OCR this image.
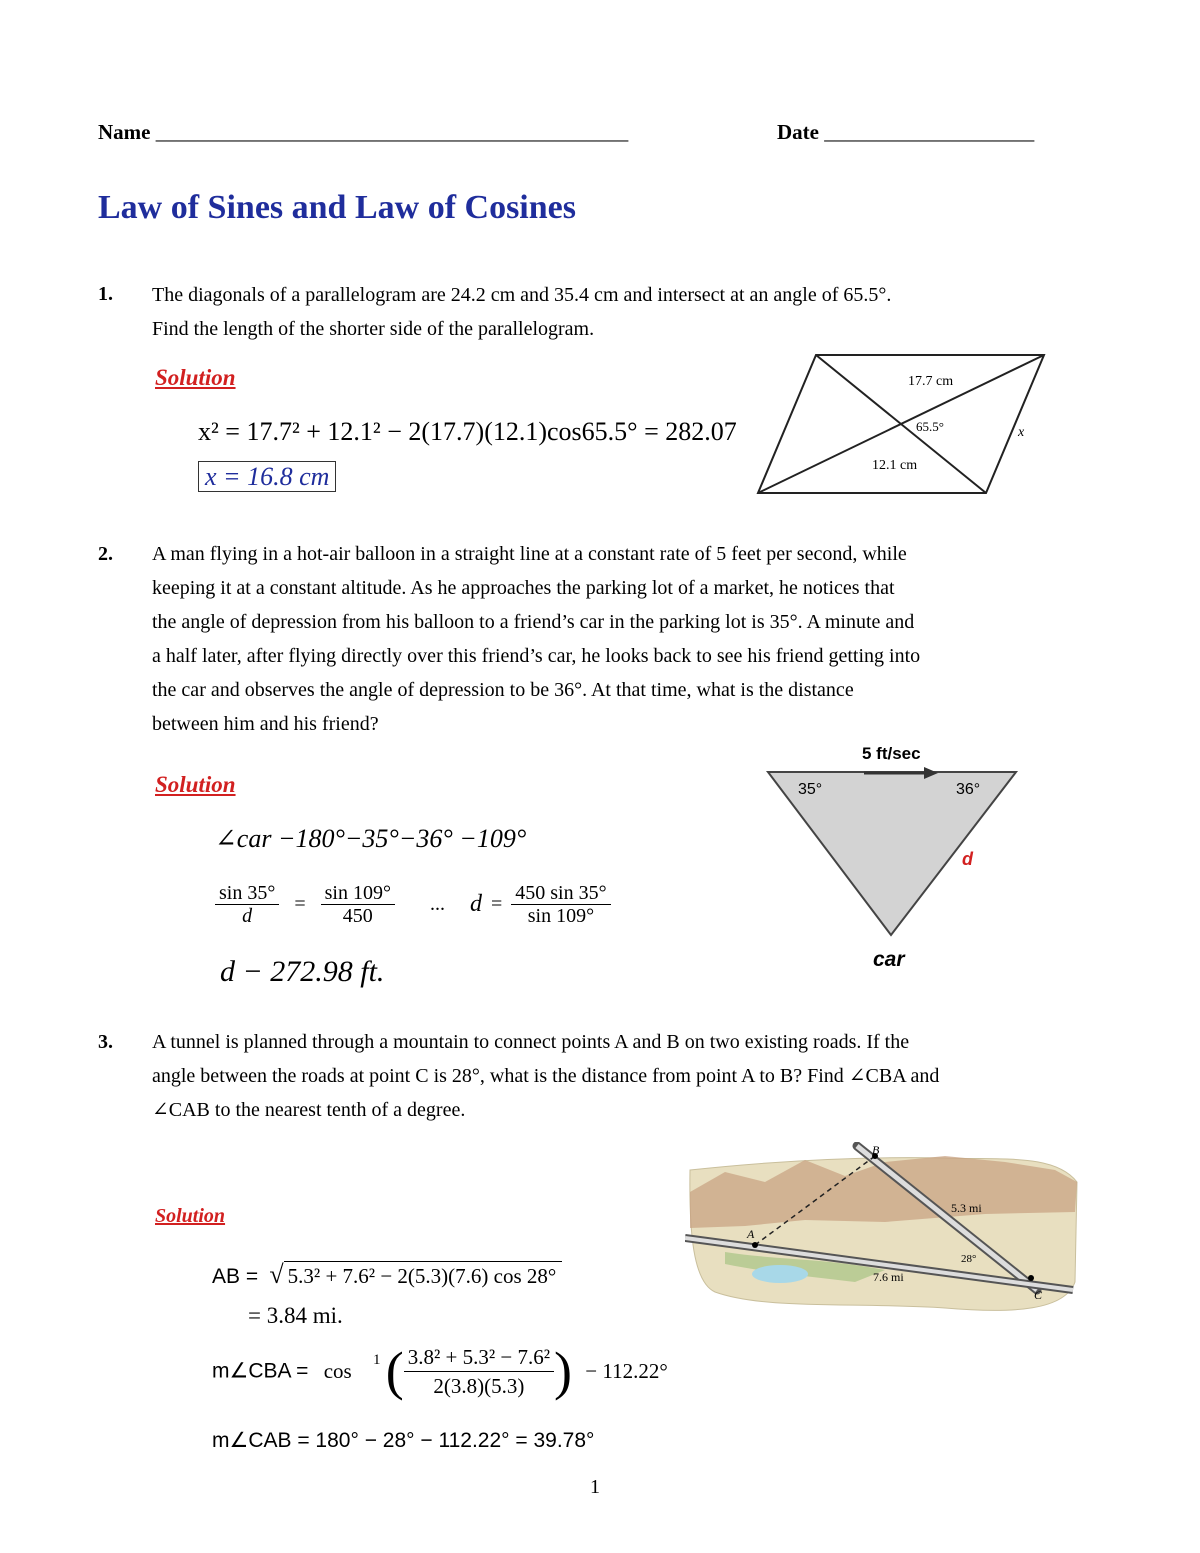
Name _____________________________________________	Date ____________________
Law of Sines and Law of Cosines
1. The diagonals of a parallelogram are 24.2 cm and 35.4 cm and intersect at an angle of 65.5°.
Find the length of the shorter side of the parallelogram.
Solution
x² = 17.7² + 12.1² − 2(17.7)(12.1)cos65.5° = 282.07
x = 16.8 cm
17.7 cm
65.5°
12.1 cm
x
2. A man flying in a hot-air balloon in a straight line at a constant rate of 5 feet per second, while
keeping it at a constant altitude. As he approaches the parking lot of a market, he notices that
the angle of depression from his balloon to a friend’s car in the parking lot is 35°. A minute and
a half later, after flying directly over this friend’s car, he looks back to see his friend getting into
the car and observes the angle of depression to be 36°. At that time, what is the distance
between him and his friend?
Solution
∠car −180°−35°−36° −109°
$\frac{\sin 35^\circ}{d} = \frac{\sin 109^\circ}{450}$ ... $d = \frac{450 \sin 35^\circ}{\sin 109^\circ}$
d − 272.98 ft.
5 ft/sec
35°	36°
d
car
3. A tunnel is planned through a mountain to connect points A and B on two existing roads. If the
angle between the roads at point C is 28°, what is the distance from point A to B? Find ∠CBA and
∠CAB to the nearest tenth of a degree.
A
B
C
5.3 mi
7.6 mi
28°
Solution
AB = √ 5.3² + 7.6² − 2(5.3)(7.6) cos 28°
= 3.84 mi.
m∠CBA = cos $^1$ ( $\frac{\text{3.8² + 5.3² − 7.6²}}{2(3.8)(5.3)}$ ) − 112.22°
m∠CAB = 180° − 28° − 112.22° = 39.78°
1
